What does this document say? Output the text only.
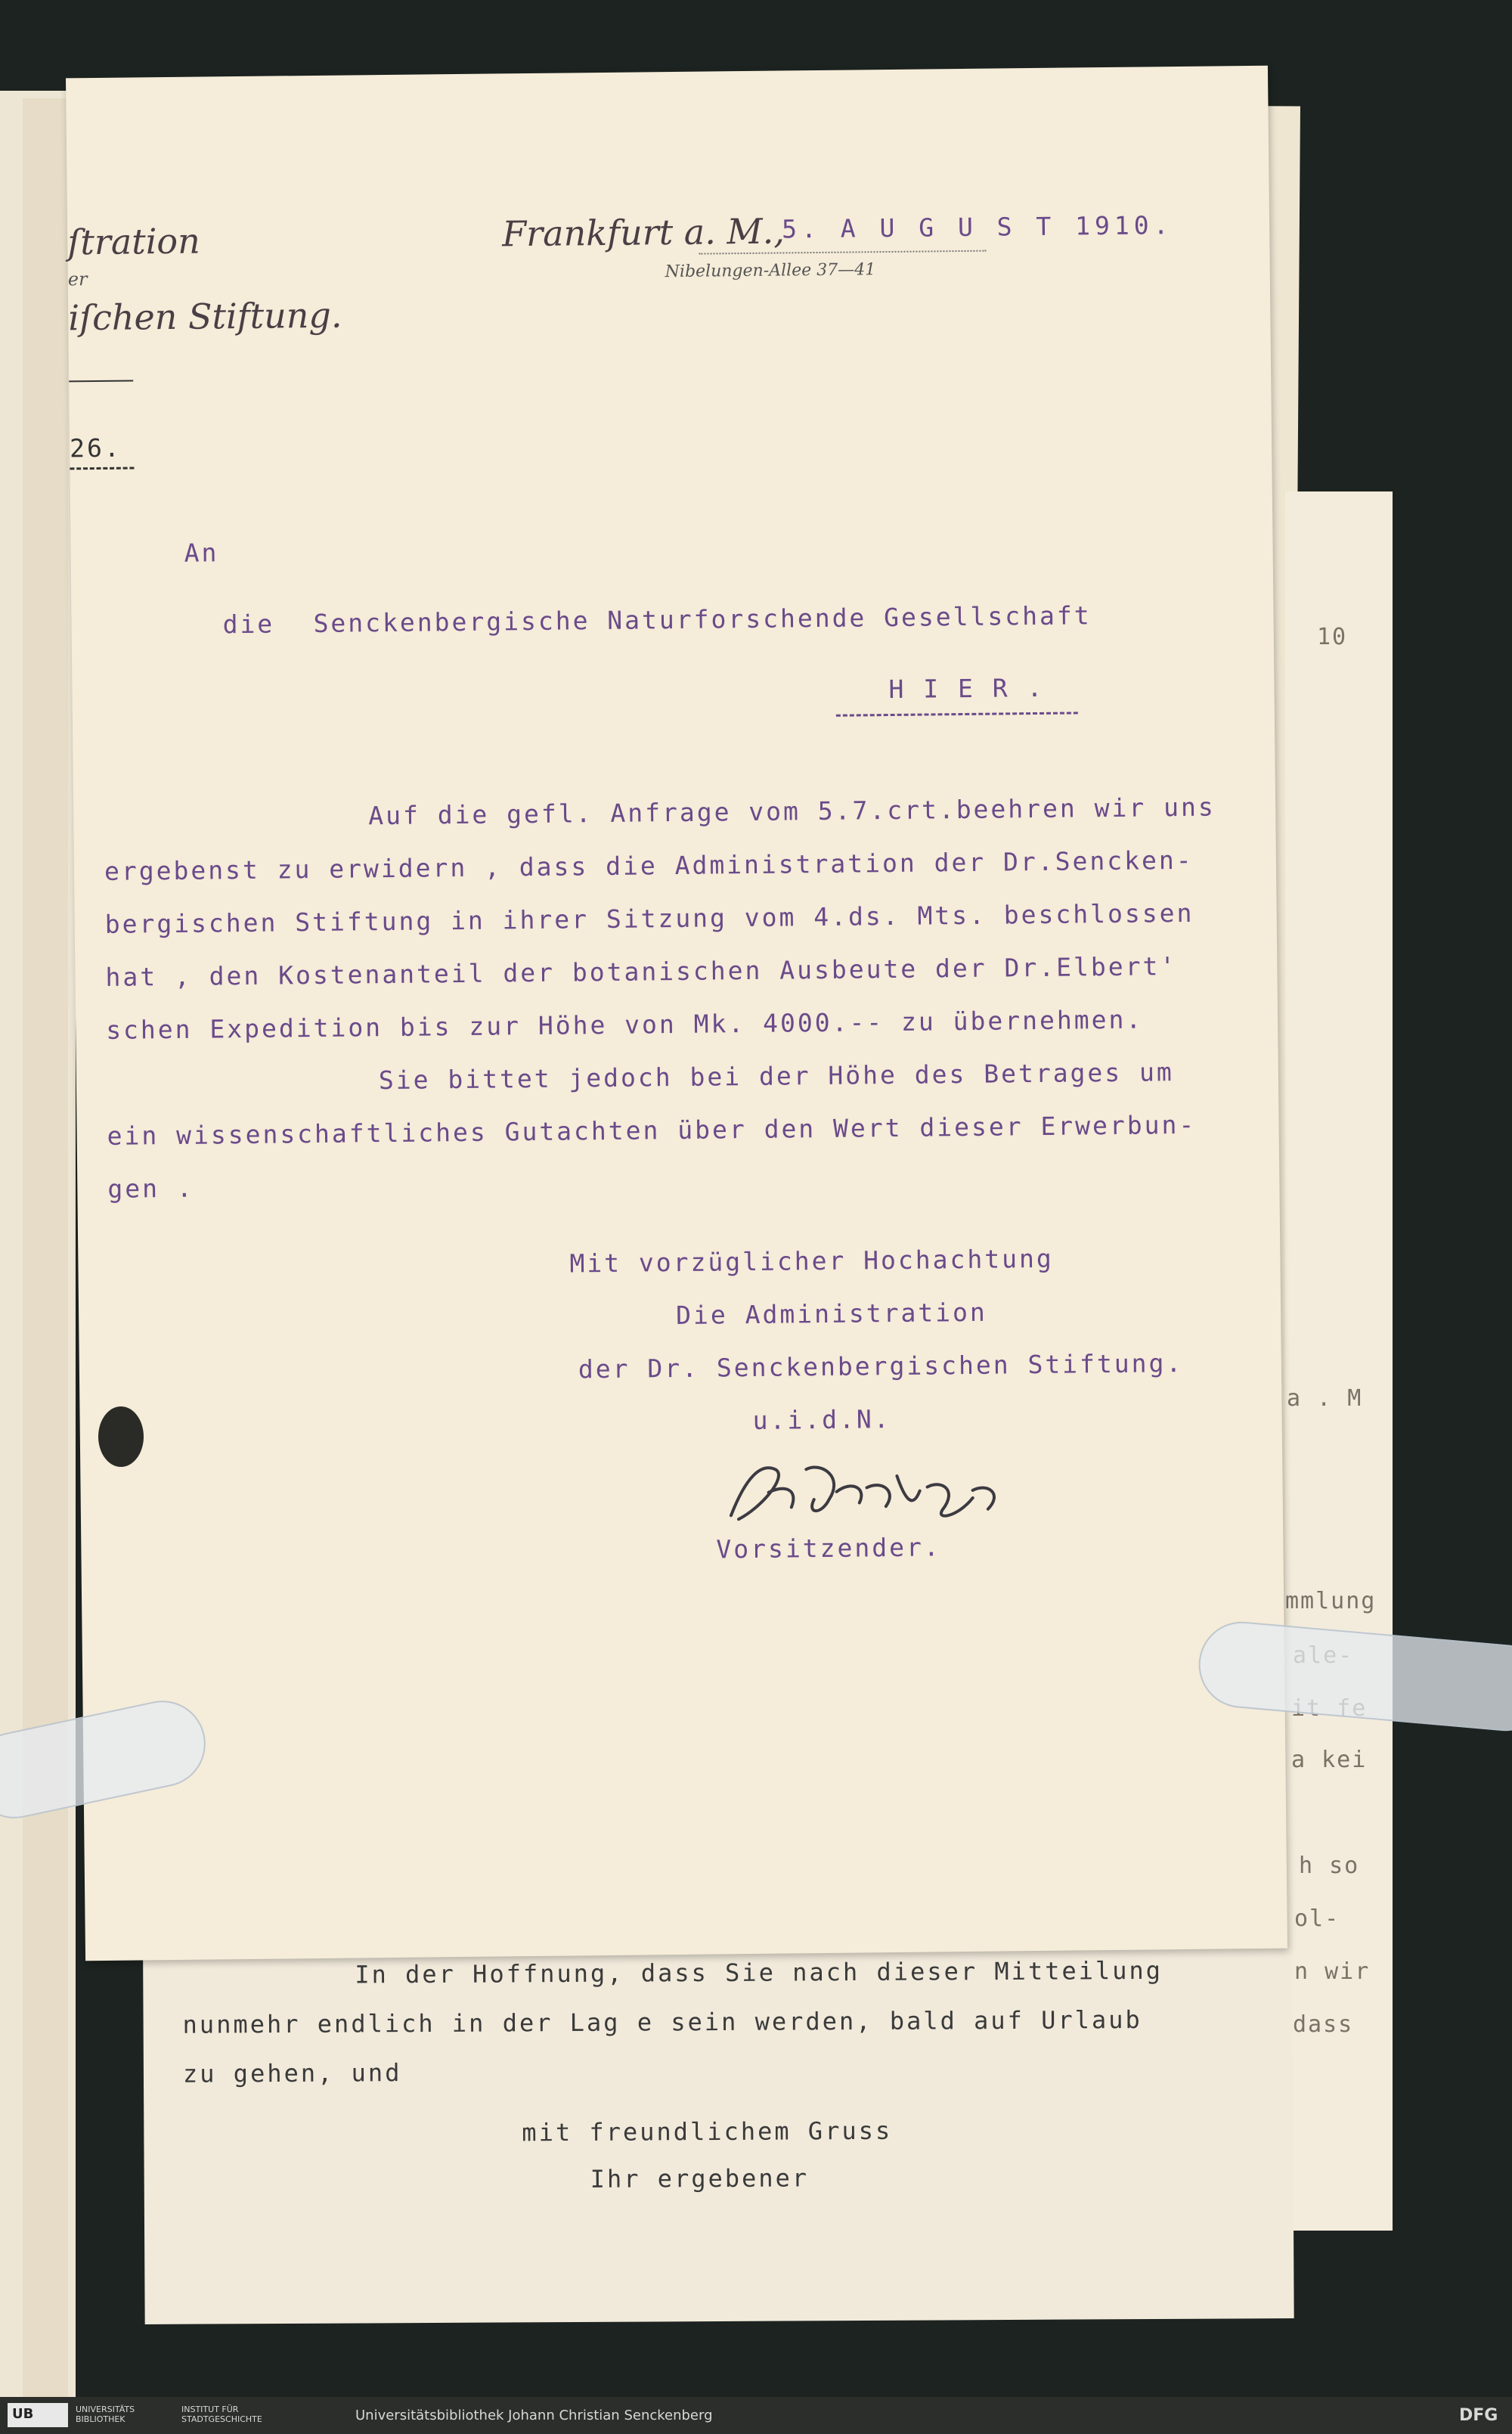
10
a . M
mmlung
a kei
h so
ol-
n wir
dass
In der Hoffnung, dass Sie nach dieser Mitteilung
nunmehr endlich in der Lag e sein werden, bald auf Urlaub
zu gehen, und
mit freundlichem Gruss
Ihr ergebener
ſtration
er
iſchen Stiftung.
26.
Frankfurt a. M.,
5. A U G U S T 1910.
Nibelungen-Allee 37—41
An
die Senckenbergische Naturforschende Gesellschaft
H I E R .
Auf die gefl. Anfrage vom 5.7.crt.beehren wir uns
ergebenst zu erwidern , dass die Administration der Dr.Sencken-
bergischen Stiftung in ihrer Sitzung vom 4.ds. Mts. beschlossen
hat , den Kostenanteil der botanischen Ausbeute der Dr.Elbert'
schen Expedition bis zur Höhe von Mk. 4000.-- zu übernehmen.
Sie bittet jedoch bei der Höhe des Betrages um
ein wissenschaftliches Gutachten über den Wert dieser Erwerbun-
gen .
Mit vorzüglicher Hochachtung
Die Administration
der Dr. Senckenbergischen Stiftung.
u.i.d.N.
Vorsitzender.
UB	UNIVERSITÄTS BIBLIOTHEK
INSTITUT FÜR STADTGESCHICHTE	Universitätsbibliothek Johann Christian Senckenberg	DFG
